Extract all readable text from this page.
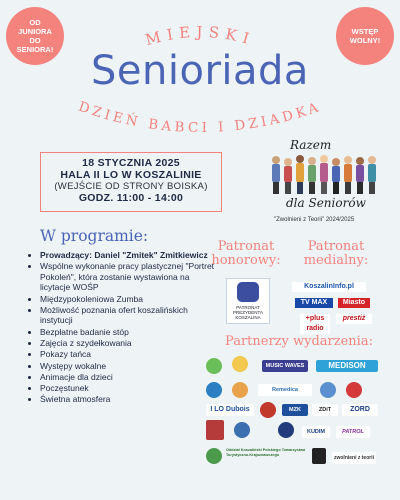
OD JUNIORA DO SENIORA!
WSTĘP WOLNY!
MIEJSKI
DZIEŃ BABCI I DZIADKA
Senioriada
18 STYCZNIA 2025
HALA II LO W KOSZALINIE
(WEJŚCIE OD STRONY BOISKA)
GODZ. 11:00 - 14:00
Razem
dla Seniorów
"Zwolnieni z Teorii" 2024/2025
W programie:
• Prowadzący: Daniel "Zmitek" Zmitkiewicz
• Wspólne wykonanie pracy plastycznej "Portret Pokoleń", która zostanie wystawiona na licytacje WOŚP
• Międzypokoleniowa Zumba
• Możliwość poznania ofert koszalińskich instytucji
• Bezpłatne badanie stóp
• Zajęcia z szydełkowania
• Pokazy tańca
• Występy wokalne
• Animacje dla dzieci
• Poczęstunek
• Świetna atmosfera
Patronat honorowy:
Patronat medialny:
PATRONAT PREZYDENTA KOSZALINA
KoszalinInfo.pl
TV MAX	Miasto
+plus radio
prestiż
Partnerzy wydarzenia:
MUSIC WAVES	MEDISON
Remedica
I LO Dubois	MZK	ZDiT	ZORD
KUDIM	PATROL
Oddział Koszaliński Polskiego Towarzystwa Turystyczno-Krajoznawczego	zwolnieni z teorii
